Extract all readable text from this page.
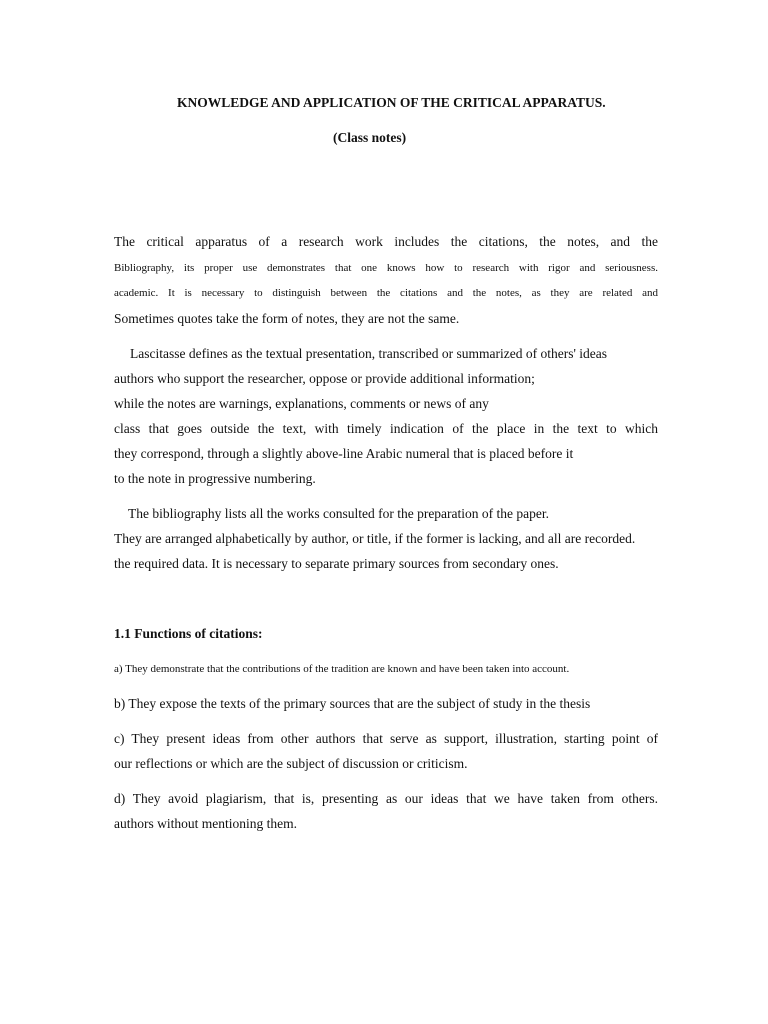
KNOWLEDGE AND APPLICATION OF THE CRITICAL APPARATUS.
(Class notes)
The critical apparatus of a research work includes the citations, the notes, and the
Bibliography, its proper use demonstrates that one knows how to research with rigor and seriousness.
academic. It is necessary to distinguish between the citations and the notes, as they are related and
Sometimes quotes take the form of notes, they are not the same.
Lascitasse defines as the textual presentation, transcribed or summarized of others' ideas
authors who support the researcher, oppose or provide additional information;
while the notes are warnings, explanations, comments or news of any
class that goes outside the text, with timely indication of the place in the text to which
they correspond, through a slightly above-line Arabic numeral that is placed before it
to the note in progressive numbering.
The bibliography lists all the works consulted for the preparation of the paper.
They are arranged alphabetically by author, or title, if the former is lacking, and all are recorded.
the required data. It is necessary to separate primary sources from secondary ones.
1.1 Functions of citations:
a) They demonstrate that the contributions of the tradition are known and have been taken into account.
b) They expose the texts of the primary sources that are the subject of study in the thesis
c) They present ideas from other authors that serve as support, illustration, starting point of
our reflections or which are the subject of discussion or criticism.
d) They avoid plagiarism, that is, presenting as our ideas that we have taken from others.
authors without mentioning them.
